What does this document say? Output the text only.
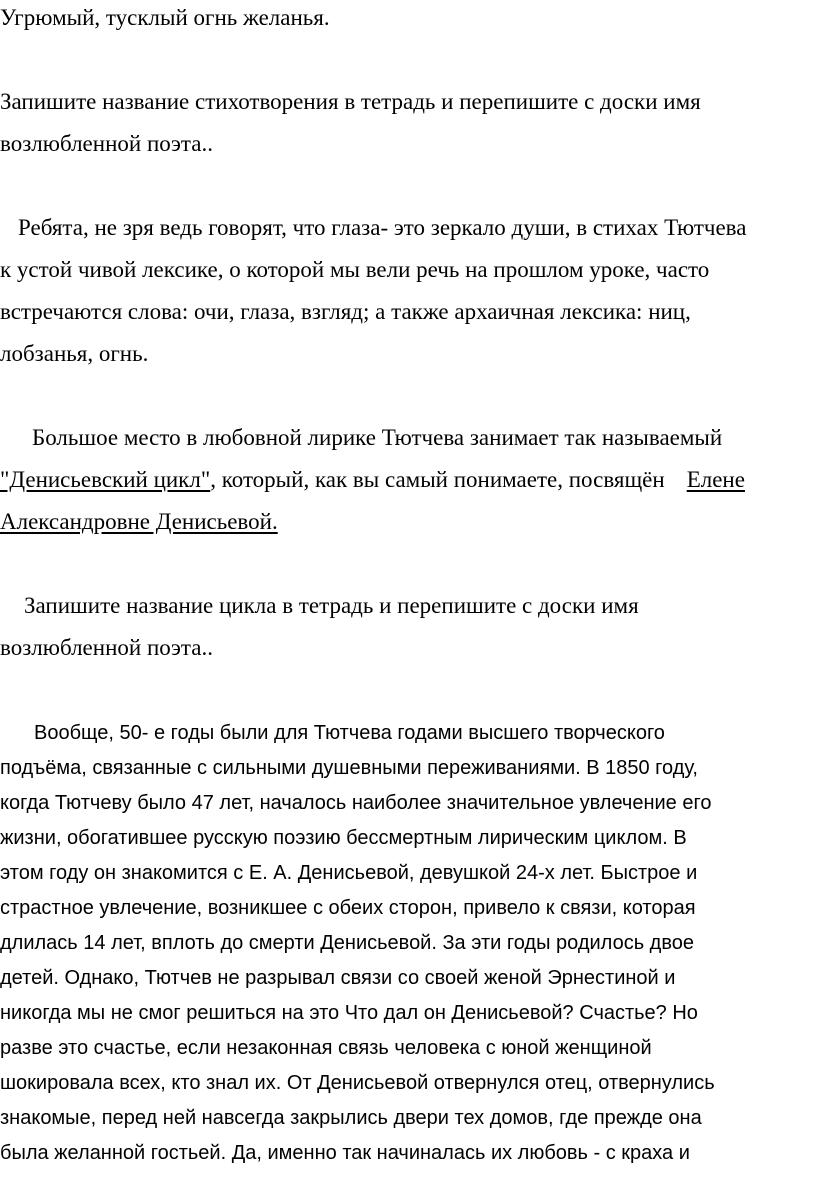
Угрюмый, тусклый огнь желанья.
Запишите название стихотворения в тетрадь и перепишите с доски имя
возлюбленной поэта..
Ребята, не зря ведь говорят, что глаза- это зеркало души, в стихах Тютчева
к устой чивой лексике, о которой мы вели речь на прошлом уроке, часто
встречаются слова: очи, глаза, взгляд; а также архаичная лексика: ниц,
лобзанья, огнь.
Большое место в любовной лирике Тютчева занимает так называемый
"Денисьевский цикл", который, как вы самый понимаете, посвящён Елене
Александровне Денисьевой.
Запишите название цикла в тетрадь и перепишите с доски имя
возлюбленной поэта..
Вообще, 50- е годы были для Тютчева годами высшего творческого
подъёма, связанные с сильными душевными переживаниями. В 1850 году,
когда Тютчеву было 47 лет, началось наиболее значительное увлечение его
жизни, обогатившее русскую поэзию бессмертным лирическим циклом. В
этом году он знакомится с Е. А. Денисьевой, девушкой 24-х лет. Быстрое и
страстное увлечение, возникшее с обеих сторон, привело к связи, которая
длилась 14 лет, вплоть до смерти Денисьевой. За эти годы родилось двое
детей. Однако, Тютчев не разрывал связи со своей женой Эрнестиной и
никогда мы не смог решиться на это Что дал он Денисьевой? Счастье? Но
разве это счастье, если незаконная связь человека с юной женщиной
шокировала всех, кто знал их. От Денисьевой отвернулся отец, отвернулись
знакомые, перед ней навсегда закрылись двери тех домов, где прежде она
была желанной гостьей. Да, именно так начиналась их любовь - с краха и
